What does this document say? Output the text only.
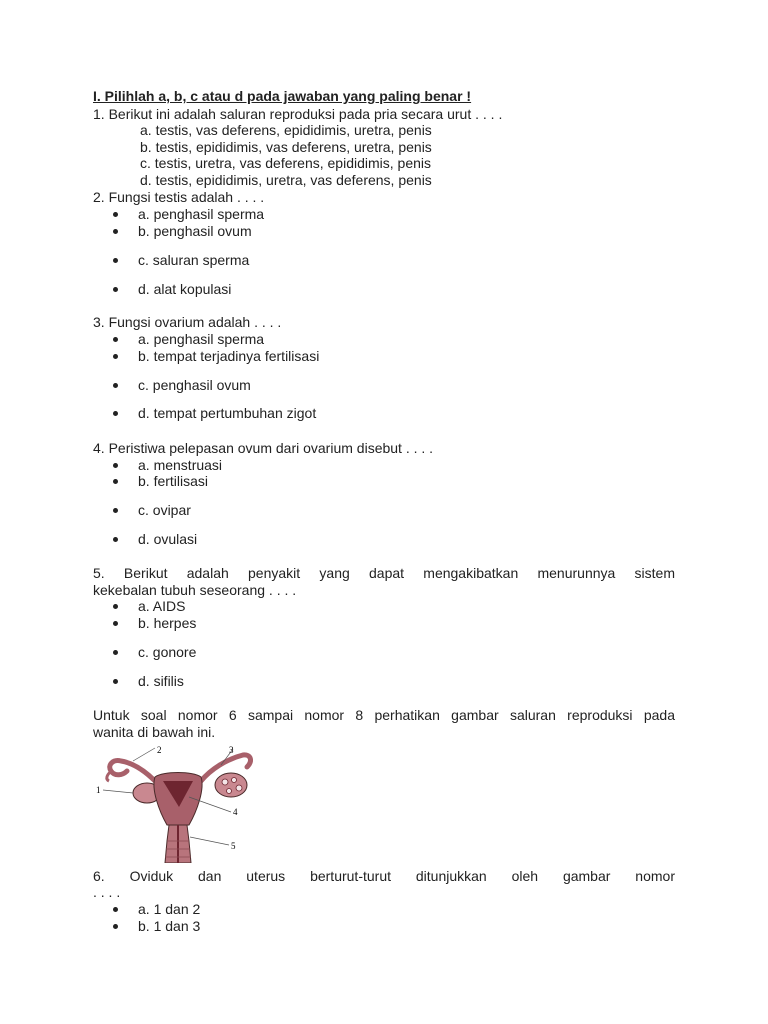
I. Pilihlah a, b, c atau d pada jawaban yang paling benar !
1. Berikut ini adalah saluran reproduksi pada pria secara urut . . . .
a. testis, vas deferens, epididimis, uretra, penis
b. testis, epididimis, vas deferens, uretra, penis
c. testis, uretra, vas deferens, epididimis, penis
d. testis, epididimis, uretra, vas deferens, penis
2. Fungsi testis adalah . . . .
a. penghasil sperma
b. penghasil ovum
c. saluran sperma
d. alat kopulasi
3. Fungsi ovarium adalah . . . .
a. penghasil sperma
b. tempat terjadinya fertilisasi
c. penghasil ovum
d. tempat pertumbuhan zigot
4. Peristiwa pelepasan ovum dari ovarium disebut . . . .
a. menstruasi
b. fertilisasi
c. ovipar
d. ovulasi
5. Berikut adalah penyakit yang dapat mengakibatkan menurunnya sistem
kekebalan tubuh seseorang . . . .
a. AIDS
b. herpes
c. gonore
d. sifilis
Untuk soal nomor 6 sampai nomor 8 perhatikan gambar saluran reproduksi pada
wanita di bawah ini.
1
2	3
4
5
6. Oviduk dan uterus berturut-turut ditunjukkan oleh gambar nomor
. . . .
a. 1 dan 2
b. 1 dan 3
